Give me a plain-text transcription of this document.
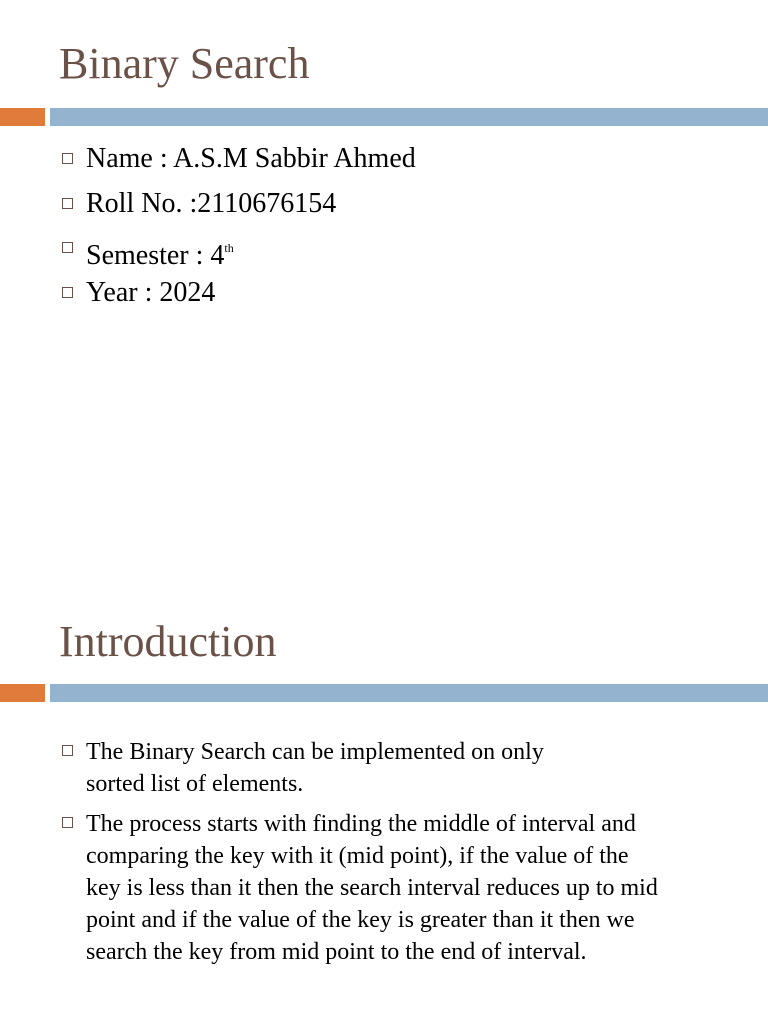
Binary Search
Name : A.S.M Sabbir Ahmed
Roll No. :2110676154
Semester : 4th
Year : 2024
Introduction
The Binary Search can be implemented on only
sorted list of elements.
The process starts with finding the middle of interval and
comparing the key with it (mid point), if the value of the
key is less than it then the search interval reduces up to mid
point and if the value of the key is greater than it then we
search the key from mid point to the end of interval.
